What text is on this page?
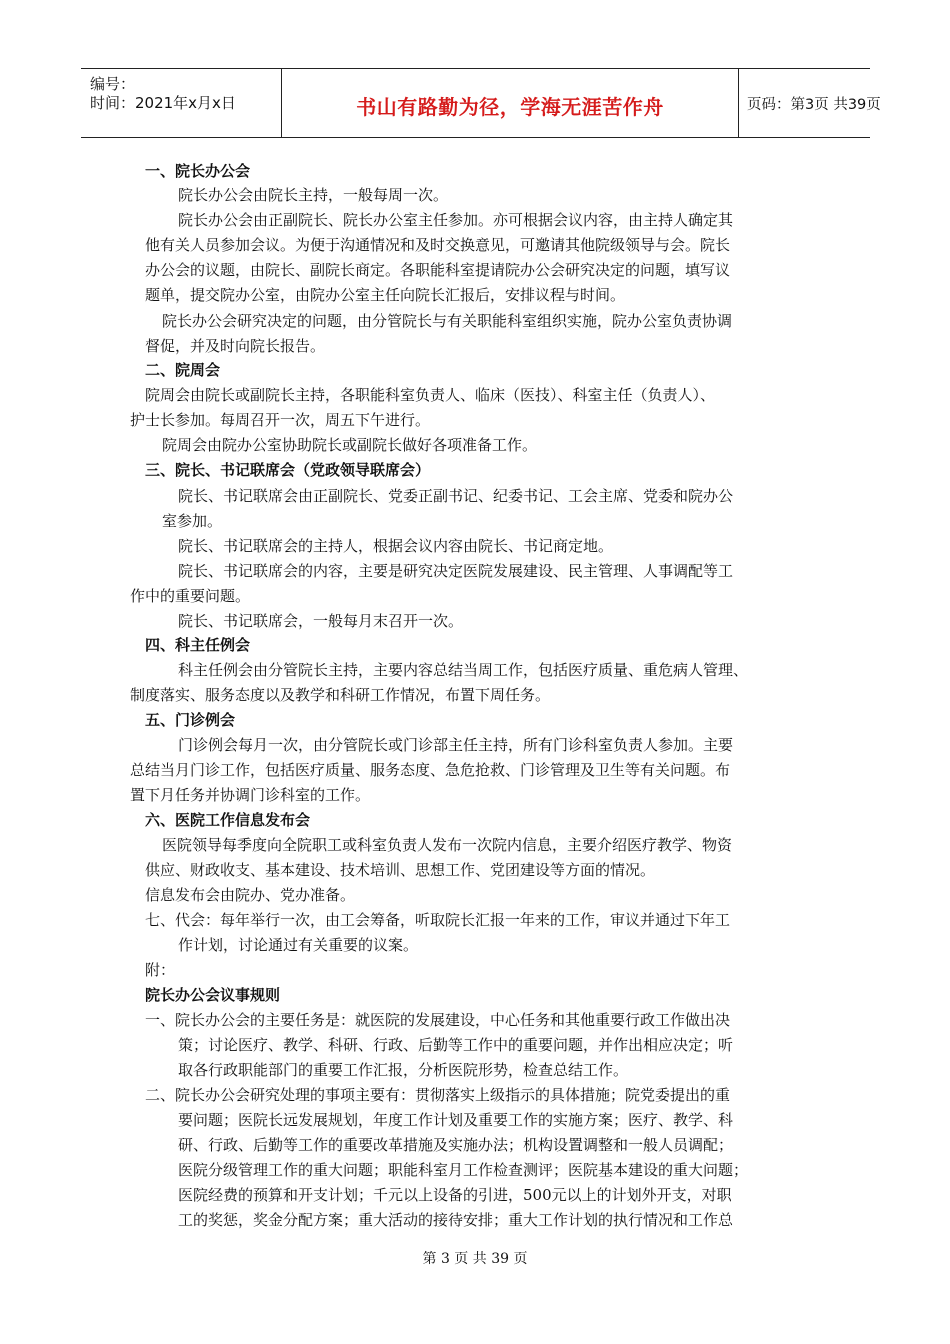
编号：
时间：2021年x月x日	书山有路勤为径，学海无涯苦作舟	页码：第3页 共39页
一、院长办公会
院长办公会由院长主持，一般每周一次。
院长办公会由正副院长、院长办公室主任参加。亦可根据会议内容，由主持人确定其
他有关人员参加会议。为便于沟通情况和及时交换意见，可邀请其他院级领导与会。院长
办公会的议题，由院长、副院长商定。各职能科室提请院办公会研究决定的问题，填写议
题单，提交院办公室，由院办公室主任向院长汇报后，安排议程与时间。
院长办公会研究决定的问题，由分管院长与有关职能科室组织实施，院办公室负责协调
督促，并及时向院长报告。
二、院周会
院周会由院长或副院长主持，各职能科室负责人、临床（医技）、科室主任（负责人）、
护士长参加。每周召开一次，周五下午进行。
院周会由院办公室协助院长或副院长做好各项准备工作。
三、院长、书记联席会（党政领导联席会）
院长、书记联席会由正副院长、党委正副书记、纪委书记、工会主席、党委和院办公
室参加。
院长、书记联席会的主持人，根据会议内容由院长、书记商定地。
院长、书记联席会的内容，主要是研究决定医院发展建设、民主管理、人事调配等工
作中的重要问题。
院长、书记联席会，一般每月末召开一次。
四、科主任例会
科主任例会由分管院长主持，主要内容总结当周工作，包括医疗质量、重危病人管理、
制度落实、服务态度以及教学和科研工作情况，布置下周任务。
五、门诊例会
门诊例会每月一次，由分管院长或门诊部主任主持，所有门诊科室负责人参加。主要
总结当月门诊工作，包括医疗质量、服务态度、急危抢救、门诊管理及卫生等有关问题。布
置下月任务并协调门诊科室的工作。
六、医院工作信息发布会
医院领导每季度向全院职工或科室负责人发布一次院内信息，主要介绍医疗教学、物资
供应、财政收支、基本建设、技术培训、思想工作、党团建设等方面的情况。
信息发布会由院办、党办准备。
七、代会：每年举行一次，由工会筹备，听取院长汇报一年来的工作，审议并通过下年工
作计划，讨论通过有关重要的议案。
附：
院长办公会议事规则
一、院长办公会的主要任务是：就医院的发展建设，中心任务和其他重要行政工作做出决
策；讨论医疗、教学、科研、行政、后勤等工作中的重要问题，并作出相应决定；听
取各行政职能部门的重要工作汇报，分析医院形势，检查总结工作。
二、院长办公会研究处理的事项主要有：贯彻落实上级指示的具体措施；院党委提出的重
要问题；医院长远发展规划，年度工作计划及重要工作的实施方案；医疗、教学、科
研、行政、后勤等工作的重要改革措施及实施办法；机构设置调整和一般人员调配；
医院分级管理工作的重大问题；职能科室月工作检查测评；医院基本建设的重大问题；
医院经费的预算和开支计划；千元以上设备的引进，500元以上的计划外开支，对职
工的奖惩，奖金分配方案；重大活动的接待安排；重大工作计划的执行情况和工作总
第 3 页 共 39 页
